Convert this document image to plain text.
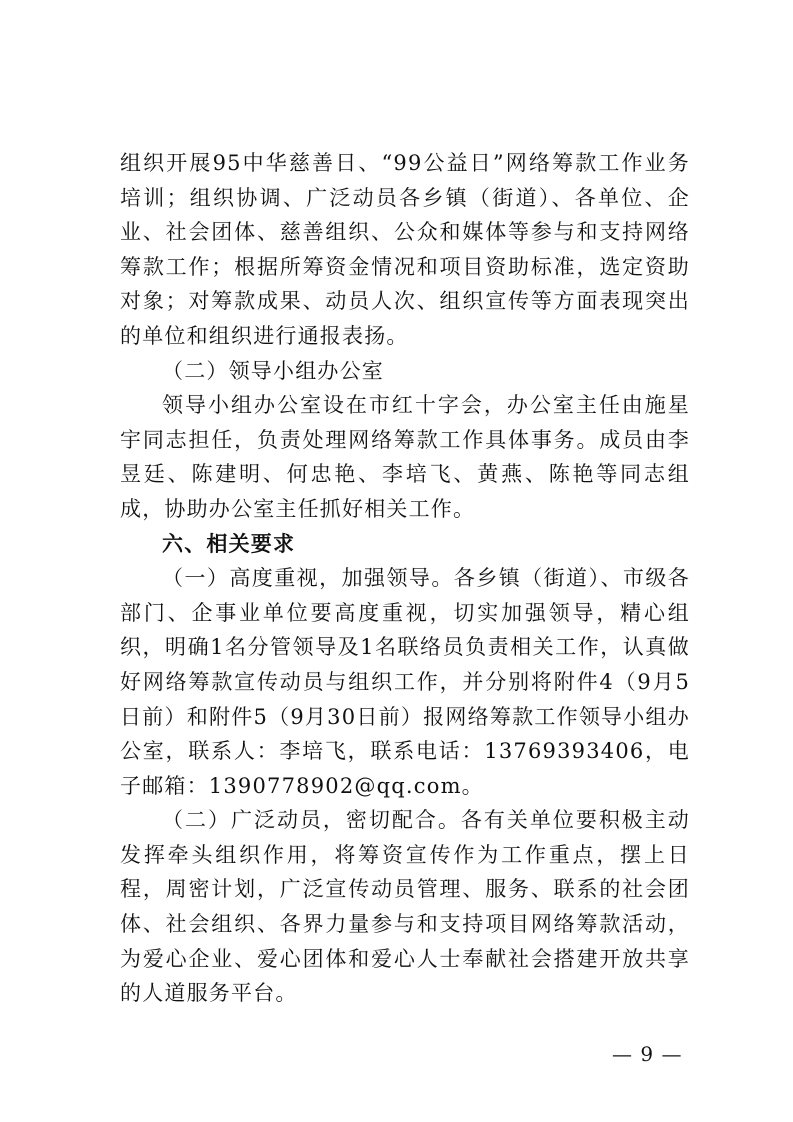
组织开展95中华慈善日、“99公益日”网络筹款工作业务培训；组织协调、广泛动员各乡镇（街道）、各单位、企业、社会团体、慈善组织、公众和媒体等参与和支持网络筹款工作；根据所筹资金情况和项目资助标准，选定资助对象；对筹款成果、动员人次、组织宣传等方面表现突出的单位和组织进行通报表扬。

（二）领导小组办公室

领导小组办公室设在市红十字会，办公室主任由施星宇同志担任，负责处理网络筹款工作具体事务。成员由李昱廷、陈建明、何忠艳、李培飞、黄燕、陈艳等同志组成，协助办公室主任抓好相关工作。

六、相关要求

（一）高度重视，加强领导。各乡镇（街道）、市级各部门、企事业单位要高度重视，切实加强领导，精心组织，明确1名分管领导及1名联络员负责相关工作，认真做好网络筹款宣传动员与组织工作，并分别将附件4（9月5日前）和附件5（9月30日前）报网络筹款工作领导小组办公室，联系人：李培飞，联系电话：13769393406，电子邮箱：1390778902@qq.com。

（二）广泛动员，密切配合。各有关单位要积极主动发挥牵头组织作用，将筹资宣传作为工作重点，摆上日程，周密计划，广泛宣传动员管理、服务、联系的社会团体、社会组织、各界力量参与和支持项目网络筹款活动，为爱心企业、爱心团体和爱心人士奉献社会搭建开放共享的人道服务平台。

— 9 —
